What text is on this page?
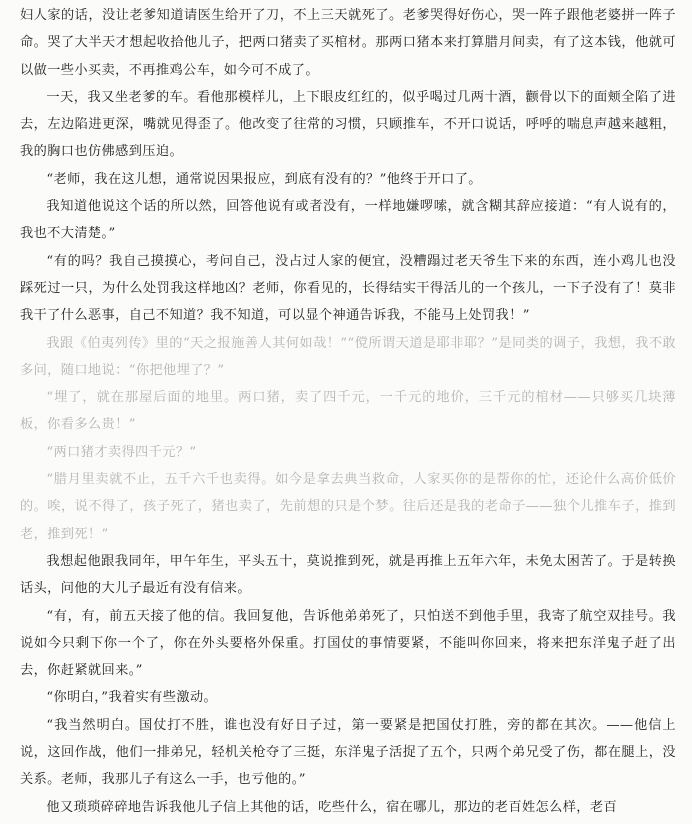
妇人家的话，没让老爹知道请医生给开了刀，不上三天就死了。老爹哭得好伤心，哭一阵子跟他老婆拼一阵子命。哭了大半天才想起收拾他儿子，把两口猪卖了买棺材。那两口猪本来打算腊月间卖，有了这本钱，他就可以做一些小买卖，不再推鸡公车，如今可不成了。

一天，我又坐老爹的车。看他那模样儿，上下眼皮红红的，似乎喝过几两十酒，颧骨以下的面颊全陷了进去，左边陷进更深，嘴就见得歪了。他改变了往常的习惯，只顾推车，不开口说话，呼呼的喘息声越来越粗，我的胸口也仿佛感到压迫。

“老师，我在这儿想，通常说因果报应，到底有没有的？”他终于开口了。

我知道他说这个话的所以然，回答他说有或者没有，一样地嫌啰嗦，就含糊其辞应接道：“有人说有的，我也不大清楚。”

“有的吗？我自己摸摸心，考问自己，没占过人家的便宜，没糟蹋过老天爷生下来的东西，连小鸡儿也没踩死过一只，为什么处罚我这样地凶？老师，你看见的，长得结实干得活儿的一个孩儿，一下子没有了！莫非我干了什么恶事，自己不知道？我不知道，可以显个神通告诉我，不能马上处罚我！”

我跟《伯夷列传》里的“天之报施善人其何如哉！”“傥所谓天道是耶非耶？”是同类的调子，我想，我不敢多问，随口地说：“你把他埋了？”

“埋了，就在那屋后面的地里。两口猪，卖了四千元，一千元的地价，三千元的棺材——只够买几块薄板，你看多么贵！”

“两口猪才卖得四千元？”

“腊月里卖就不止，五千六千也卖得。如今是拿去典当救命，人家买你的是帮你的忙，还论什么高价低价的。唉，说不得了，孩子死了，猪也卖了，先前想的只是个梦。往后还是我的老命子——独个儿推车子，推到老，推到死！”

我想起他跟我同年，甲午年生，平头五十，莫说推到死，就是再推上五年六年，未免太困苦了。于是转换话头，问他的大儿子最近有没有信来。

“有，有，前五天接了他的信。我回复他，告诉他弟弟死了，只怕送不到他手里，我寄了航空双挂号。我说如今只剩下你一个了，你在外头要格外保重。打国仗的事情要紧，不能叫你回来，将来把东洋鬼子赶了出去，你赶紧就回来。”

“你明白，”我着实有些激动。

“我当然明白。国仗打不胜，谁也没有好日子过，第一要紧是把国仗打胜，旁的都在其次。——他信上说，这回作战，他们一排弟兄，轻机关枪夺了三挺，东洋鬼子活捉了五个，只两个弟兄受了伤，都在腿上，没关系。老师，我那儿子有这么一手，也亏他的。”

他又琐琐碎碎地告诉我他儿子信上其他的话，吃些什么，宿在哪儿，那边的老百姓怎么样，老百
